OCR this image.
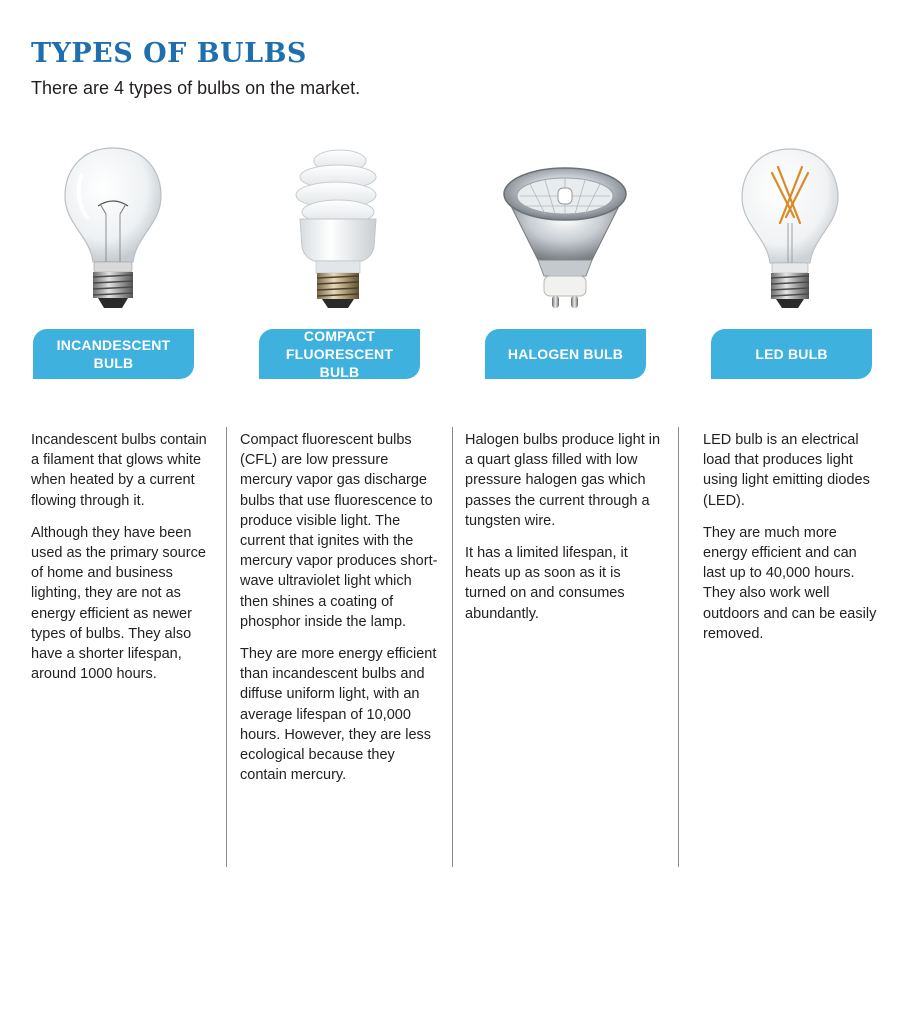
TYPES OF BULBS

There are 4 types of bulbs on the market.

INCANDESCENT
BULB
COMPACT
FLUORESCENT BULB
HALOGEN BULB	LED BULB

Incandescent bulbs contain a filament that glows white when heated by a current flowing through it.

Although they have been used as the primary source of home and business lighting, they are not as energy efficient as newer types of bulbs. They also have a shorter lifespan, around 1000 hours.

Compact fluorescent bulbs (CFL) are low pressure mercury vapor gas discharge bulbs that use fluorescence to produce visible light. The current that ignites with the mercury vapor produces short-wave ultraviolet light which then shines a coating of phosphor inside the lamp.

They are more energy efficient than incandescent bulbs and diffuse uniform light, with an average lifespan of 10,000 hours. However, they are less ecological because they contain mercury.

Halogen bulbs produce light in a quart glass filled with low pressure halogen gas which passes the current through a tungsten wire.

It has a limited lifespan, it heats up as soon as it is turned on and consumes abundantly.

LED bulb is an electrical load that produces light using light emitting diodes (LED).

They are much more energy efficient and can last up to 40,000 hours. They also work well outdoors and can be easily removed.
